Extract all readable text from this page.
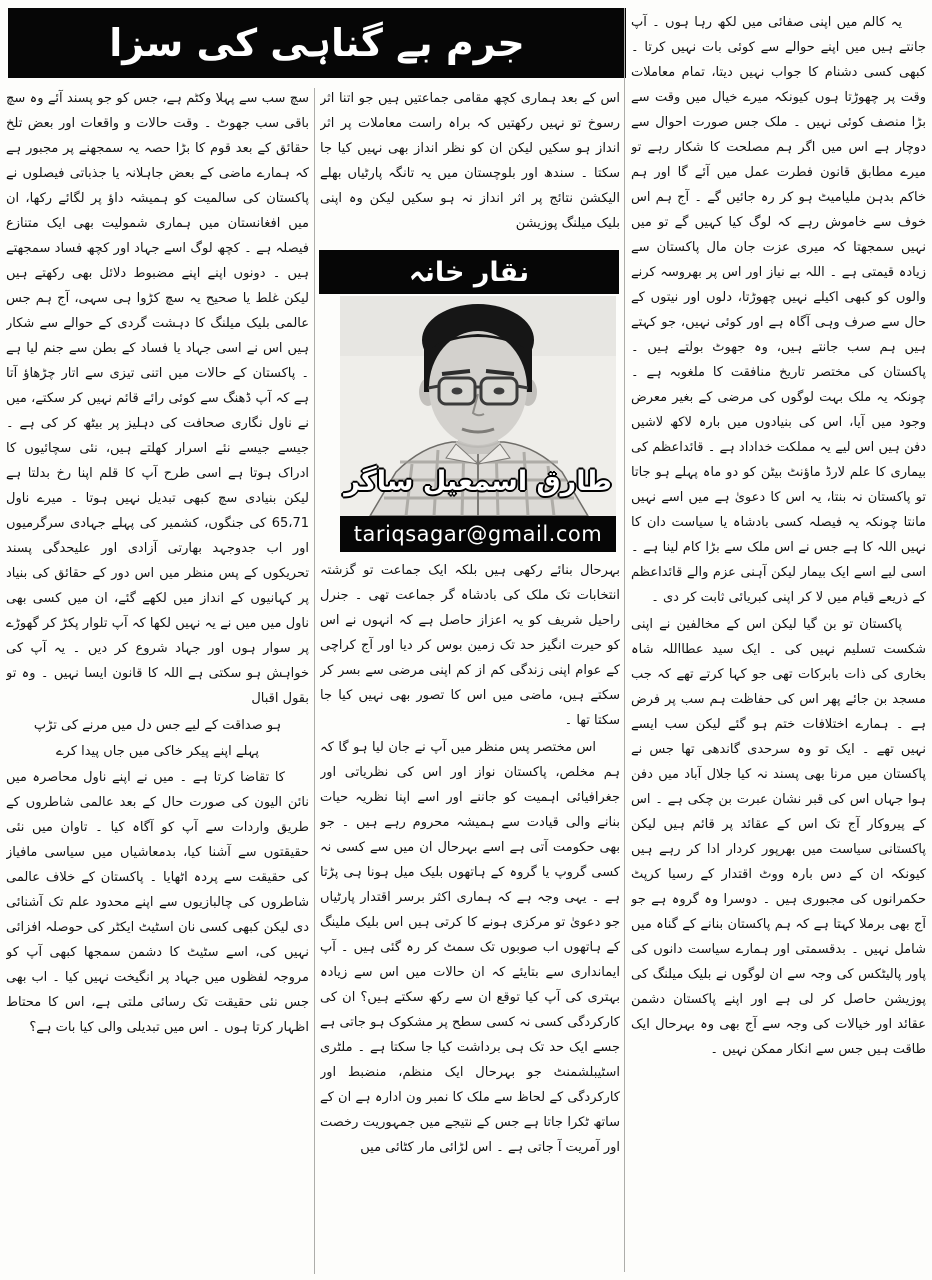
جرم بے گناہی کی سزا	یہ کالم میں اپنی صفائی میں لکھ رہا ہوں ۔ آپ جانتے ہیں میں اپنے حوالے سے کوئی بات نہیں کرتا ۔ کبھی کسی دشنام کا جواب نہیں دیتا، تمام معاملات وقت پر چھوڑتا ہوں کیونکہ میرے خیال میں وقت سے بڑا منصف کوئی نہیں ۔ ملک جس صورت احوال سے دوچار ہے اس میں اگر ہم مصلحت کا شکار رہے تو میرے مطابق قانون فطرت عمل میں آئے گا اور ہم خاکم بدہن ملیامیٹ ہو کر رہ جائیں گے ۔ آج ہم اس خوف سے خاموش رہے کہ لوگ کیا کہیں گے تو میں نہیں سمجھتا کہ میری عزت جان مال پاکستان سے زیادہ قیمتی ہے ۔ اللہ بے نیاز اور اس پر بھروسہ کرنے والوں کو کبھی اکیلے نہیں چھوڑتا، دلوں اور نیتوں کے حال سے صرف وہی آگاہ ہے اور کوئی نہیں، جو کہتے ہیں ہم سب جانتے ہیں، وہ جھوٹ بولتے ہیں ۔ پاکستان کی مختصر تاریخ منافقت کا ملغوبہ ہے ۔ چونکہ یہ ملک بہت لوگوں کی مرضی کے بغیر معرض وجود میں آیا، اس کی بنیادوں میں بارہ لاکھ لاشیں دفن ہیں اس لیے یہ مملکت خداداد ہے ۔ قائداعظم کی بیماری کا علم لارڈ ماؤنٹ بیٹن کو دو ماہ پہلے ہو جاتا تو پاکستان نہ بنتا، یہ اس کا دعویٰ ہے میں اسے نہیں مانتا چونکہ یہ فیصلہ کسی بادشاہ یا سیاست دان کا نہیں اللہ کا ہے جس نے اس ملک سے بڑا کام لینا ہے ۔ اسی لیے اسے ایک بیمار لیکن آہنی عزم والے قائداعظم کے ذریعے قیام میں لا کر اپنی کبریائی ثابت کر دی ۔

پاکستان تو بن گیا لیکن اس کے مخالفین نے اپنی شکست تسلیم نہیں کی ۔ ایک سید عطااللہ شاہ بخاری کی ذات بابرکات تھی جو کہا کرتے تھے کہ جب مسجد بن جائے پھر اس کی حفاظت ہم سب پر فرض ہے ۔ ہمارے اختلافات ختم ہو گئے لیکن سب ایسے نہیں تھے ۔ ایک تو وہ سرحدی گاندھی تھا جس نے پاکستان میں مرنا بھی پسند نہ کیا جلال آباد میں دفن ہوا جہاں اس کی قبر نشان عبرت بن چکی ہے ۔ اس کے پیروکار آج تک اس کے عقائد پر قائم ہیں لیکن پاکستانی سیاست میں بھرپور کردار ادا کر رہے ہیں کیونکہ ان کے دس بارہ ووٹ اقتدار کے رسیا کرپٹ حکمرانوں کی مجبوری ہیں ۔ دوسرا وہ گروہ ہے جو آج بھی برملا کہتا ہے کہ ہم پاکستان بنانے کے گناہ میں شامل نہیں ۔ بدقسمتی اور ہمارے سیاست دانوں کی پاور پالیٹکس کی وجہ سے ان لوگوں نے بلیک میلنگ کی پوزیشن حاصل کر لی ہے اور اپنے پاکستان دشمن عقائد اور خیالات کی وجہ سے آج بھی وہ بہرحال ایک طاقت ہیں جس سے انکار ممکن نہیں ۔

اس کے بعد ہماری کچھ مقامی جماعتیں ہیں جو اتنا اثر رسوخ تو نہیں رکھتیں کہ براہ راست معاملات پر اثر انداز ہو سکیں لیکن ان کو نظر انداز بھی نہیں کیا جا سکتا ۔ سندھ اور بلوچستان میں یہ تانگہ پارٹیاں بھلے الیکشن نتائج پر اثر انداز نہ ہو سکیں لیکن وہ اپنی بلیک میلنگ پوزیشن

نقار خانہ
طارق اسمعیل ساگر
tariqsagar@gmail.com

بہرحال بنائے رکھی ہیں بلکہ ایک جماعت تو گزشتہ انتخابات تک ملک کی بادشاہ گر جماعت تھی ۔ جنرل راحیل شریف کو یہ اعزاز حاصل ہے کہ انہوں نے اس کو حیرت انگیز حد تک زمین بوس کر دیا اور آج کراچی کے عوام اپنی زندگی کم از کم اپنی مرضی سے بسر کر سکتے ہیں، ماضی میں اس کا تصور بھی نہیں کیا جا سکتا تھا ۔

اس مختصر پس منظر میں آپ نے جان لیا ہو گا کہ ہم مخلص، پاکستان نواز اور اس کی نظریاتی اور جغرافیائی اہمیت کو جاننے اور اسے اپنا نظریہ حیات بنانے والی قیادت سے ہمیشہ محروم رہے ہیں ۔ جو بھی حکومت آتی ہے اسے بہرحال ان میں سے کسی نہ کسی گروپ یا گروہ کے ہاتھوں بلیک میل ہونا ہی پڑتا ہے ۔ یہی وجہ ہے کہ ہماری اکثر برسر اقتدار پارٹیاں جو دعویٰ تو مرکزی ہونے کا کرتی ہیں اس بلیک ملینگ کے ہاتھوں اب صوبوں تک سمٹ کر رہ گئی ہیں ۔ آپ ایمانداری سے بتایئے کہ ان حالات میں اس سے زیادہ بہتری کی آپ کیا توقع ان سے رکھ سکتے ہیں؟ ان کی کارکردگی کسی نہ کسی سطح پر مشکوک ہو جاتی ہے جسے ایک حد تک ہی برداشت کیا جا سکتا ہے ۔ ملٹری اسٹیبلشمنٹ جو بہرحال ایک منظم، منضبط اور کارکردگی کے لحاظ سے ملک کا نمبر ون ادارہ ہے ان کے ساتھ ٹکرا جاتا ہے جس کے نتیجے میں جمہوریت رخصت اور آمریت آ جاتی ہے ۔ اس لڑائی مار کٹائی میں

سچ سب سے پہلا وکٹم ہے، جس کو جو پسند آئے وہ سچ باقی سب جھوٹ ۔ وقت حالات و واقعات اور بعض تلخ حقائق کے بعد قوم کا بڑا حصہ یہ سمجھنے پر مجبور ہے کہ ہمارے ماضی کے بعض جاہلانہ یا جذباتی فیصلوں نے پاکستان کی سالمیت کو ہمیشہ داؤ پر لگائے رکھا، ان میں افغانستان میں ہماری شمولیت بھی ایک متنازع فیصلہ ہے ۔ کچھ لوگ اسے جہاد اور کچھ فساد سمجھتے ہیں ۔ دونوں اپنے اپنے مضبوط دلائل بھی رکھتے ہیں لیکن غلط یا صحیح یہ سچ کڑوا ہی سہی، آج ہم جس عالمی بلیک میلنگ کا دہشت گردی کے حوالے سے شکار ہیں اس نے اسی جہاد یا فساد کے بطن سے جنم لیا ہے ۔ پاکستان کے حالات میں اتنی تیزی سے اتار چڑھاؤ آتا ہے کہ آپ ڈھنگ سے کوئی رائے قائم نہیں کر سکتے، میں نے ناول نگاری صحافت کی دہلیز پر بیٹھ کر کی ہے ۔ جیسے جیسے نئے اسرار کھلتے ہیں، نئی سچائیوں کا ادراک ہوتا ہے اسی طرح آپ کا قلم اپنا رخ بدلتا ہے لیکن بنیادی سچ کبھی تبدیل نہیں ہوتا ۔ میرے ناول 65،71 کی جنگوں، کشمیر کی پہلے جہادی سرگرمیوں اور اب جدوجہد بھارتی آزادی اور علیحدگی پسند تحریکوں کے پس منظر میں اس دور کے حقائق کی بنیاد پر کہانیوں کے انداز میں لکھے گئے، ان میں کسی بھی ناول میں میں نے یہ نہیں لکھا کہ آپ تلوار پکڑ کر گھوڑے پر سوار ہوں اور جہاد شروع کر دیں ۔ یہ آپ کی خواہش ہو سکتی ہے اللہ کا قانون ایسا نہیں ۔ وہ تو بقول اقبال

ہو صداقت کے لیے جس دل میں مرنے کی تڑپ

پہلے اپنے پیکر خاکی میں جاں پیدا کرے

کا تقاضا کرتا ہے ۔ میں نے اپنے ناول محاصرہ میں نائن الیون کی صورت حال کے بعد عالمی شاطروں کے طریق واردات سے آپ کو آگاہ کیا ۔ تاوان میں نئی حقیقتوں سے آشنا کیا، بدمعاشیاں میں سیاسی مافیاز کی حقیقت سے پردہ اٹھایا ۔ پاکستان کے خلاف عالمی شاطروں کی چالبازیوں سے اپنے محدود علم تک آشنائی دی لیکن کبھی کسی نان اسٹیٹ ایکٹر کی حوصلہ افزائی نہیں کی، اسے سٹیٹ کا دشمن سمجھا کبھی آپ کو مروجہ لفظوں میں جہاد پر انگیخت نہیں کیا ۔ اب بھی جس نئی حقیقت تک رسائی ملتی ہے، اس کا محتاط اظہار کرتا ہوں ۔ اس میں تبدیلی والی کیا بات ہے؟
